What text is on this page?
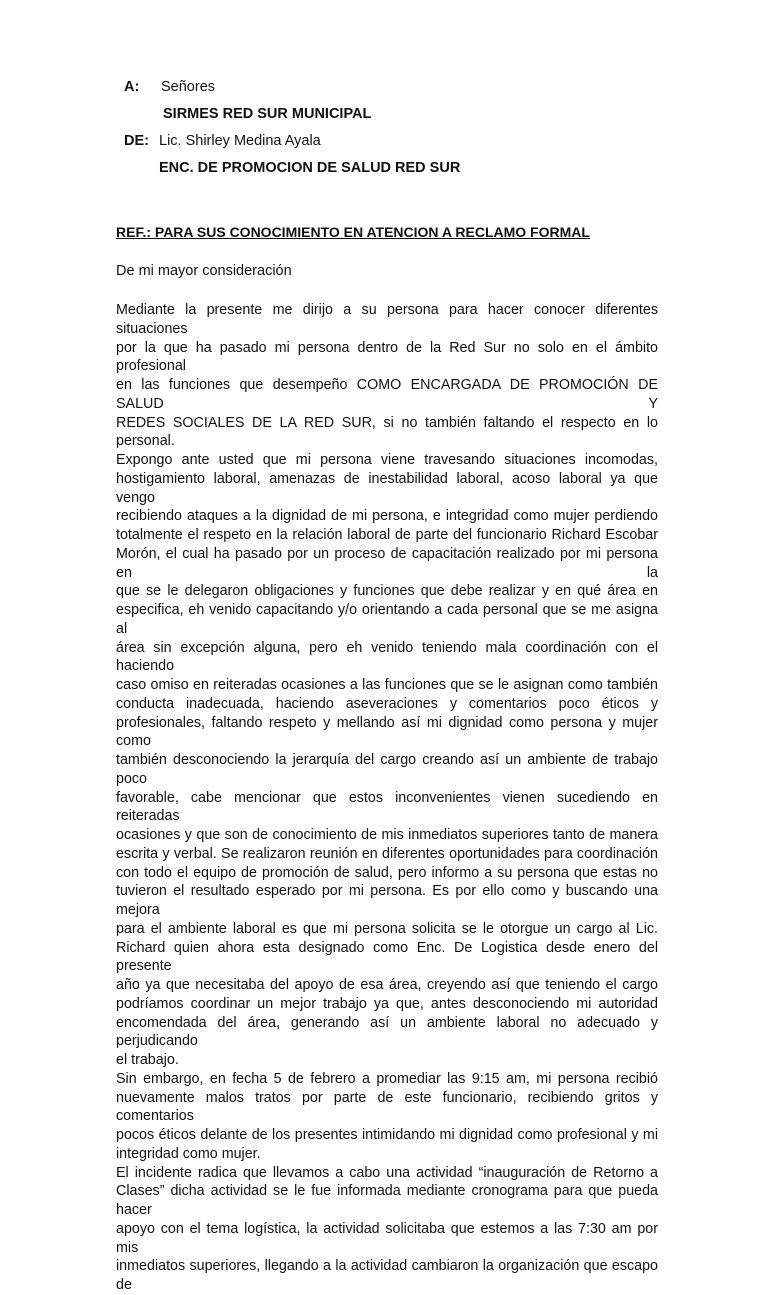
A: Señores
SIRMES RED SUR MUNICIPAL
DE: Lic. Shirley Medina Ayala
ENC. DE PROMOCION DE SALUD RED SUR
REF.: PARA SUS CONOCIMIENTO EN ATENCION A RECLAMO FORMAL
De mi mayor consideración

Mediante la presente me dirijo a su persona para hacer conocer diferentes situaciones

por la que ha pasado mi persona dentro de la Red Sur no solo en el ámbito profesional

en las funciones que desempeño COMO ENCARGADA DE PROMOCIÓN DE SALUD Y

REDES SOCIALES DE LA RED SUR, si no también faltando el respecto en lo personal.

Expongo ante usted que mi persona viene travesando situaciones incomodas,

hostigamiento laboral, amenazas de inestabilidad laboral, acoso laboral ya que vengo

recibiendo ataques a la dignidad de mi persona, e integridad como mujer perdiendo

totalmente el respeto en la relación laboral de parte del funcionario Richard Escobar

Morón, el cual ha pasado por un proceso de capacitación realizado por mi persona en la

que se le delegaron obligaciones y funciones que debe realizar y en qué área en

especifica, eh venido capacitando y/o orientando a cada personal que se me asigna al

área sin excepción alguna, pero eh venido teniendo mala coordinación con el haciendo

caso omiso en reiteradas ocasiones a las funciones que se le asignan como también

conducta inadecuada, haciendo aseveraciones y comentarios poco éticos y

profesionales, faltando respeto y mellando así mi dignidad como persona y mujer como

también desconociendo la jerarquía del cargo creando así un ambiente de trabajo poco

favorable, cabe mencionar que estos inconvenientes vienen sucediendo en reiteradas

ocasiones y que son de conocimiento de mis inmediatos superiores tanto de manera

escrita y verbal. Se realizaron reunión en diferentes oportunidades para coordinación

con todo el equipo de promoción de salud, pero informo a su persona que estas no

tuvieron el resultado esperado por mi persona. Es por ello como y buscando una mejora

para el ambiente laboral es que mi persona solicita se le otorgue un cargo al Lic.

Richard quien ahora esta designado como Enc. De Logistica desde enero del presente

año ya que necesitaba del apoyo de esa área, creyendo así que teniendo el cargo

podríamos coordinar un mejor trabajo ya que, antes desconociendo mi autoridad

encomendada del área, generando así un ambiente laboral no adecuado y perjudicando

el trabajo.

Sin embargo, en fecha 5 de febrero a promediar las 9:15 am, mi persona recibió

nuevamente malos tratos por parte de este funcionario, recibiendo gritos y comentarios

pocos éticos delante de los presentes intimidando mi dignidad como profesional y mi

integridad como mujer.

El incidente radica que llevamos a cabo una actividad “inauguración de Retorno a

Clases” dicha actividad se le fue informada mediante cronograma para que pueda hacer

apoyo con el tema logística, la actividad solicitaba que estemos a las 7:30 am por mis

inmediatos superiores, llegando a la actividad cambiaron la organización que escapo de
